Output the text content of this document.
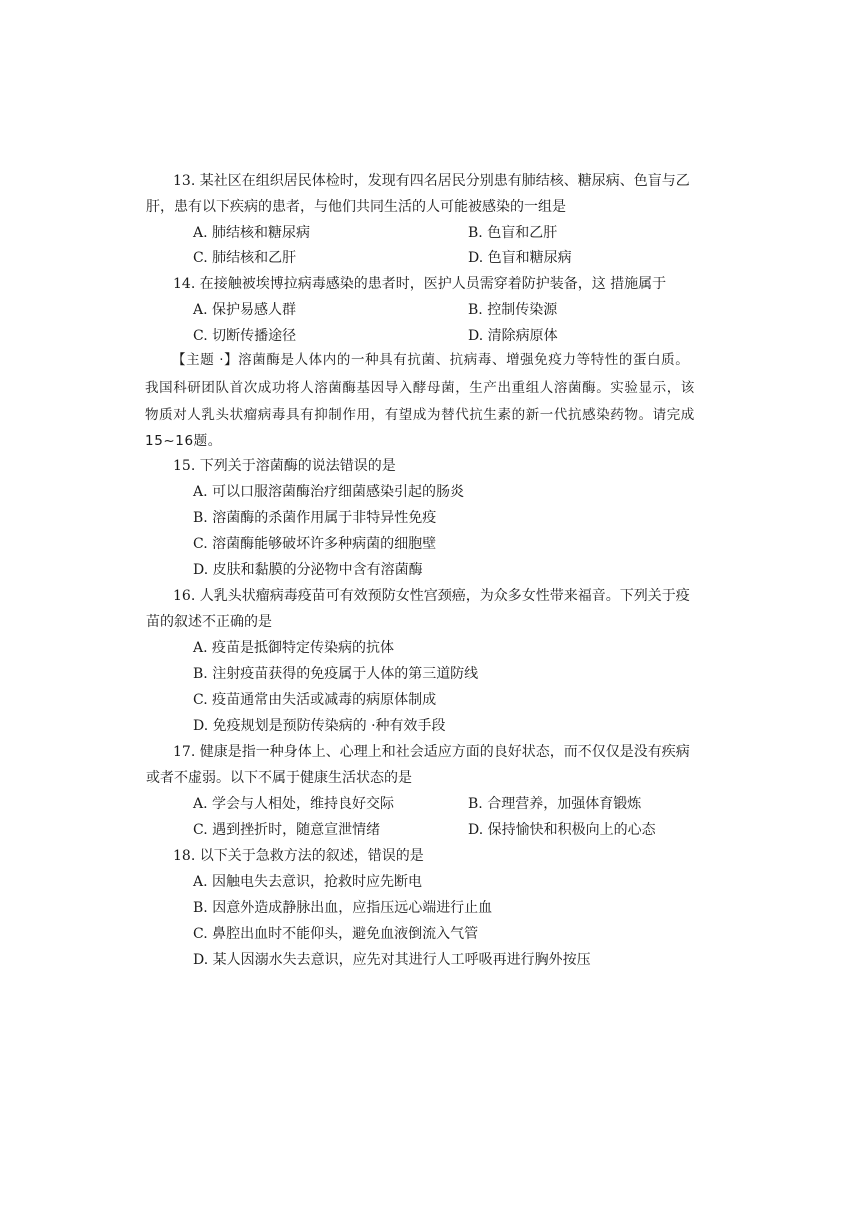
13. 某社区在组织居民体检时，发现有四名居民分别患有肺结核、糖尿病、色盲与乙
肝，患有以下疾病的患者，与他们共同生活的人可能被感染的一组是
A. 肺结核和糖尿病	B. 色盲和乙肝
C. 肺结核和乙肝	D. 色盲和糖尿病
14. 在接触被埃博拉病毒感染的患者时，医护人员需穿着防护装备，这 措施属于
A. 保护易感人群	B. 控制传染源
C. 切断传播途径	D. 清除病原体
【主题 ·】溶菌酶是人体内的一种具有抗菌、抗病毒、增强免疫力等特性的蛋白质。
我国科研团队首次成功将人溶菌酶基因导入酵母菌，生产出重组人溶菌酶。实验显示，该
物质对人乳头状瘤病毒具有抑制作用，有望成为替代抗生素的新一代抗感染药物。请完成
15~16题。
15. 下列关于溶菌酶的说法错误的是
A. 可以口服溶菌酶治疗细菌感染引起的肠炎
B. 溶菌酶的杀菌作用属于非特异性免疫
C. 溶菌酶能够破坏许多种病菌的细胞壁
D. 皮肤和黏膜的分泌物中含有溶菌酶
16. 人乳头状瘤病毒疫苗可有效预防女性宫颈癌，为众多女性带来福音。下列关于疫
苗的叙述不正确的是
A. 疫苗是抵御特定传染病的抗体
B. 注射疫苗获得的免疫属于人体的第三道防线
C. 疫苗通常由失活或减毒的病原体制成
D. 免疫规划是预防传染病的 ·种有效手段
17. 健康是指一种身体上、心理上和社会适应方面的良好状态，而不仅仅是没有疾病
或者不虚弱。以下不属于健康生活状态的是
A. 学会与人相处，维持良好交际	B. 合理营养，加强体育锻炼
C. 遇到挫折时，随意宣泄情绪	D. 保持愉快和积极向上的心态
18. 以下关于急救方法的叙述，错误的是
A. 因触电失去意识，抢救时应先断电
B. 因意外造成静脉出血，应指压远心端进行止血
C. 鼻腔出血时不能仰头，避免血液倒流入气管
D. 某人因溺水失去意识，应先对其进行人工呼吸再进行胸外按压
